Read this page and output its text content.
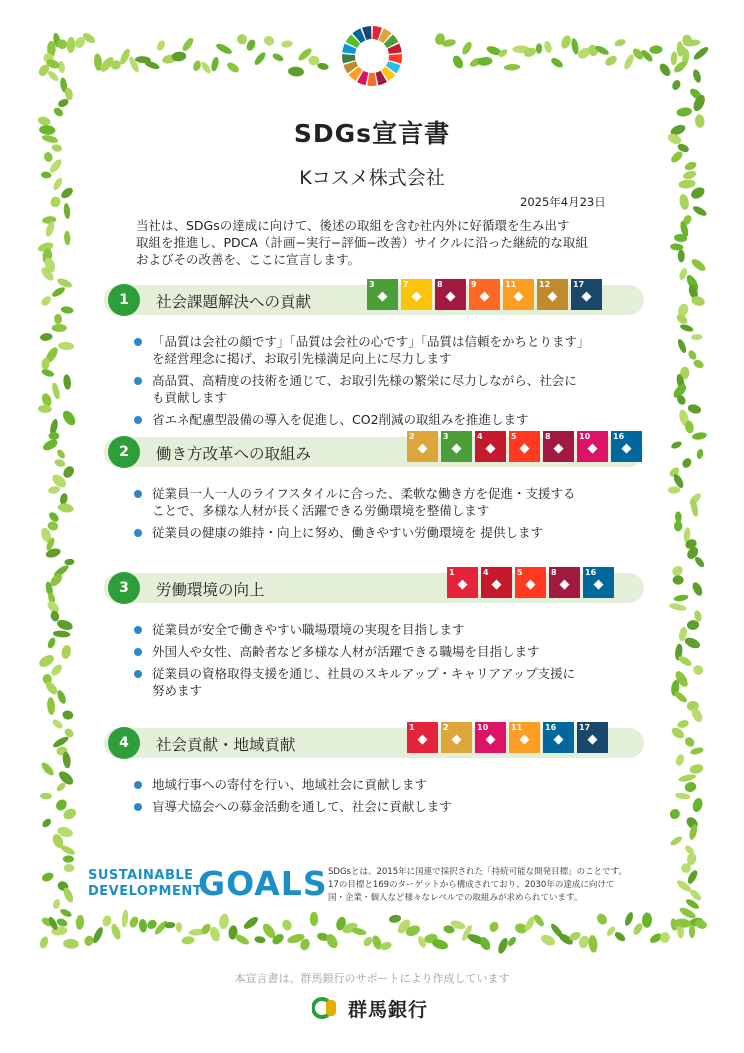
SDGs宣言書

Kコスメ株式会社

2025年4月23日

当社は、SDGsの達成に向けて、後述の取組を含む社内外に好循環を生み出す

取組を推進し、PDCA（計画−実行−評価−改善）サイクルに沿った継続的な取組

およびその改善を、ここに宣言します。

1	社会課題解決への貢献

3
◆
7
◆
8
◆
9
◆
11
◆
12
◆
17
◆
「品質は会社の顔です」「品質は会社の心です」「品質は信頼をかちとります」
を経営理念に掲げ、お取引先様満足向上に尽力します
高品質、高精度の技術を通じて、お取引先様の繁栄に尽力しながら、社会に
も貢献します
省エネ配慮型設備の導入を促進し、CO2削減の取組みを推進します
2	働き方改革への取組み

2
◆
3
◆
4
◆
5
◆
8
◆
10
◆
16
◆
従業員一人一人のライフスタイルに合った、柔軟な働き方を促進・支援する
ことで、多様な人材が長く活躍できる労働環境を整備します
従業員の健康の維持・向上に努め、働きやすい労働環境を 提供します
3	労働環境の向上

1
◆
4
◆
5
◆
8
◆
16
◆
従業員が安全で働きやすい職場環境の実現を目指します
外国人や女性、高齢者など多様な人材が活躍できる職場を目指します
従業員の資格取得支援を通じ、社員のスキルアップ・キャリアアップ支援に
努めます
4	社会貢献・地域貢献

1
◆
2
◆
10
◆
11
◆
16
◆
17
◆
地域行事への寄付を行い、地域社会に貢献します
盲導犬協会への募金活動を通して、社会に貢献します
SUSTAINABLE
DEVELOPMENT
GOALS SDGsとは、2015年に国連で採択された「持続可能な開発目標」のことです。

17の目標と169のターゲットから構成されており、2030年の達成に向けて

国・企業・個人など様々なレベルでの取組みが求められています。

本宣言書は、群馬銀行のサポートにより作成しています

群馬銀行
